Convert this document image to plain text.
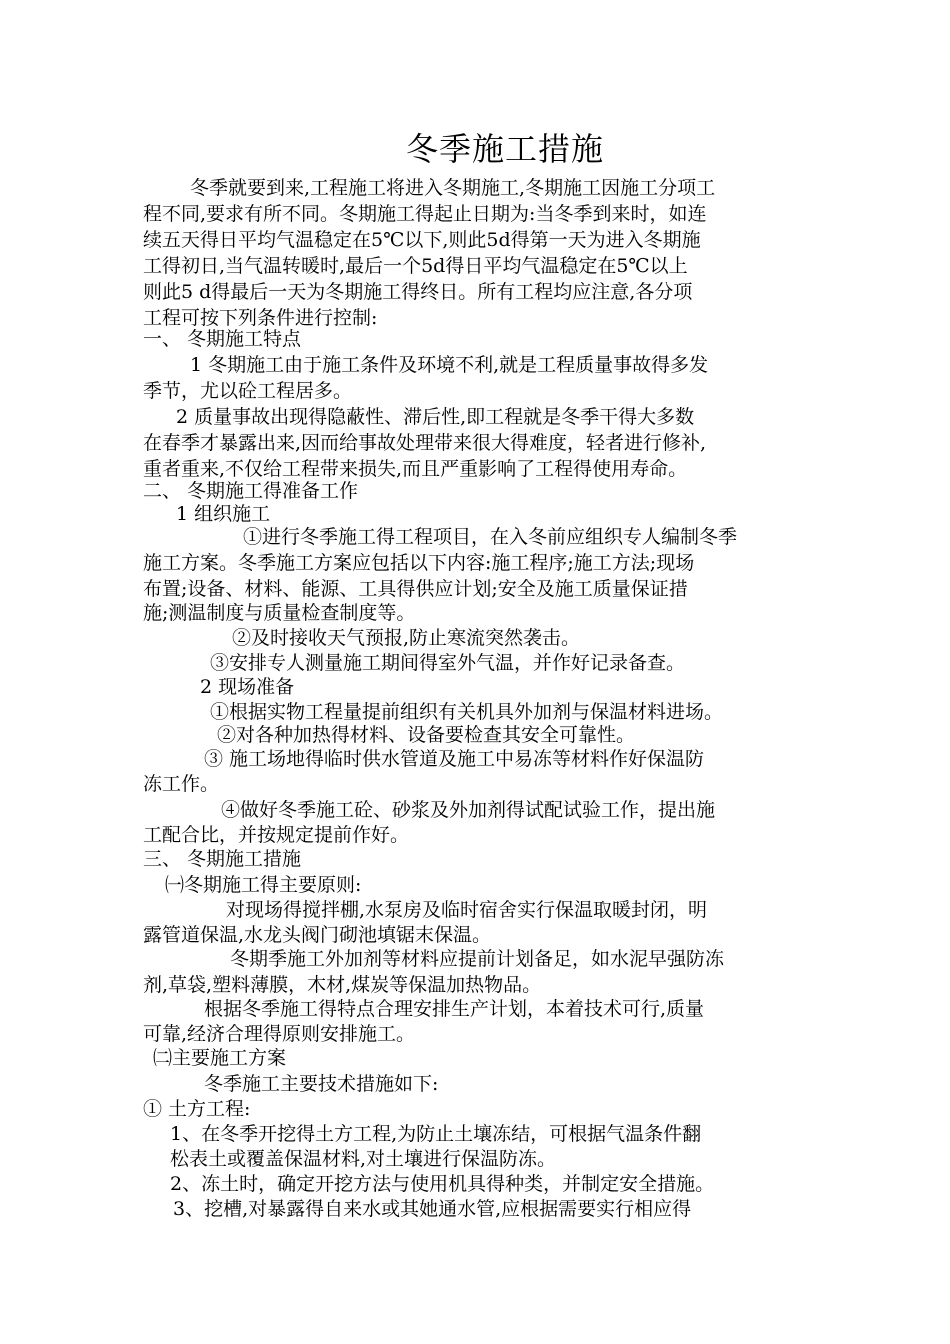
冬季施工措施
冬季就要到来,工程施工将进入冬期施工,冬期施工因施工分项工
程不同,要求有所不同。冬期施工得起止日期为:当冬季到来时，如连
续五天得日平均气温稳定在5℃以下,则此5d得第一天为进入冬期施
工得初日,当气温转暖时,最后一个5d得日平均气温稳定在5℃以上
则此5 d得最后一天为冬期施工得终日。所有工程均应注意,各分项
工程可按下列条件进行控制:
一、 冬期施工特点
1 冬期施工由于施工条件及环境不利,就是工程质量事故得多发
季节，尤以砼工程居多。
2 质量事故出现得隐蔽性、滞后性,即工程就是冬季干得大多数
在春季才暴露出来,因而给事故处理带来很大得难度，轻者进行修补,
重者重来,不仅给工程带来损失,而且严重影响了工程得使用寿命。
二、 冬期施工得准备工作
1 组织施工
①进行冬季施工得工程项目，在入冬前应组织专人编制冬季
施工方案。冬季施工方案应包括以下内容:施工程序;施工方法;现场
布置;设备、材料、能源、工具得供应计划;安全及施工质量保证措
施;测温制度与质量检查制度等。
②及时接收天气预报,防止寒流突然袭击。
③安排专人测量施工期间得室外气温，并作好记录备查。
2 现场准备
①根据实物工程量提前组织有关机具外加剂与保温材料进场。
②对各种加热得材料、设备要检查其安全可靠性。
③ 施工场地得临时供水管道及施工中易冻等材料作好保温防
冻工作。
④做好冬季施工砼、砂浆及外加剂得试配试验工作，提出施
工配合比，并按规定提前作好。
三、 冬期施工措施
㈠冬期施工得主要原则:
对现场得搅拌棚,水泵房及临时宿舍实行保温取暖封闭，明
露管道保温,水龙头阀门砌池填锯末保温。
冬期季施工外加剂等材料应提前计划备足，如水泥早强防冻
剂,草袋,塑料薄膜，木材,煤炭等保温加热物品。
根据冬季施工得特点合理安排生产计划，本着技术可行,质量
可靠,经济合理得原则安排施工。
㈡主要施工方案
冬季施工主要技术措施如下:
① 土方工程:
1、在冬季开挖得土方工程,为防止土壤冻结，可根据气温条件翻
松表土或覆盖保温材料,对土壤进行保温防冻。
2、冻土时，确定开挖方法与使用机具得种类，并制定安全措施。
3、挖槽,对暴露得自来水或其她通水管,应根据需要实行相应得
